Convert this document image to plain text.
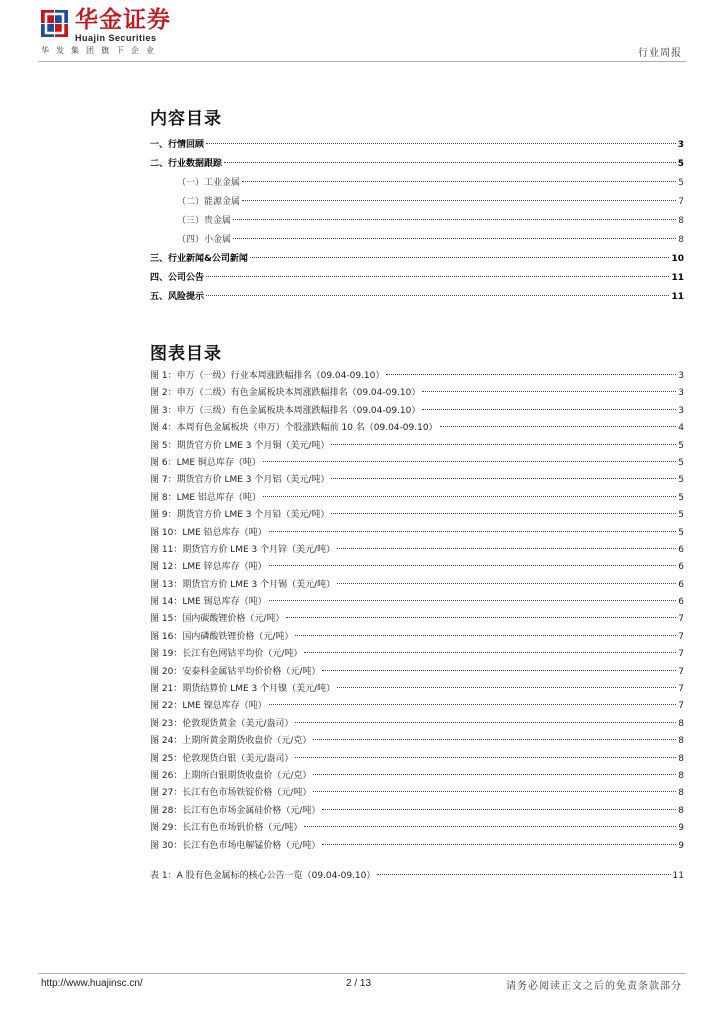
华金证券
Huajin Securities
华发集团旗下企业	行业周报
内容目录
一、行情回顾	3
二、行业数据跟踪	5
（一）工业金属	5
（二）能源金属	7
（三）贵金属	8
（四）小金属	8
三、行业新闻&公司新闻	10
四、公司公告	11
五、风险提示	11
图表目录
图 1：申万（一级）行业本周涨跌幅排名（09.04-09.10）	3
图 2：申万（二级）有色金属板块本周涨跌幅排名（09.04-09.10）	3
图 3：申万（三级）有色金属板块本周涨跌幅排名（09.04-09.10）	3
图 4：本周有色金属板块（申万）个股涨跌幅前 10 名（09.04-09.10）	4
图 5：期货官方价 LME 3 个月铜（美元/吨）	5
图 6：LME 铜总库存（吨）	5
图 7：期货官方价 LME 3 个月铝（美元/吨）	5
图 8：LME 铝总库存（吨）	5
图 9：期货官方价 LME 3 个月铅（美元/吨）	5
图 10：LME 铅总库存（吨）	5
图 11：期货官方价 LME 3 个月锌（美元/吨）	6
图 12：LME 锌总库存（吨）	6
图 13：期货官方价 LME 3 个月锡（美元/吨）	6
图 14：LME 锡总库存（吨）	6
图 15：国内碳酸锂价格（元/吨）	7
图 16：国内磷酸铁锂价格（元/吨）	7
图 19：长江有色网钴平均价（元/吨）	7
图 20：安泰科金属钴平均价价格（元/吨）	7
图 21：期货结算价 LME 3 个月镍（美元/吨）	7
图 22：LME 镍总库存（吨）	7
图 23：伦敦现货黄金（美元/盎司）	8
图 24：上期所黄金期货收盘价（元/克）	8
图 25：伦敦现货白银（美元/盎司）	8
图 26：上期所白银期货收盘价（元/克）	8
图 27：长江有色市场铁锭价格（元/吨）	8
图 28：长江有色市场金属硅价格（元/吨）	8
图 29：长江有色市场钒价格（元/吨）	9
图 30：长江有色市场电解锰价格（元/吨）	9
表 1：A 股有色金属标的核心公告一览（09.04-09.10）	11
http://www.huajinsc.cn/	2 / 13	请务必阅读正文之后的免责条款部分
